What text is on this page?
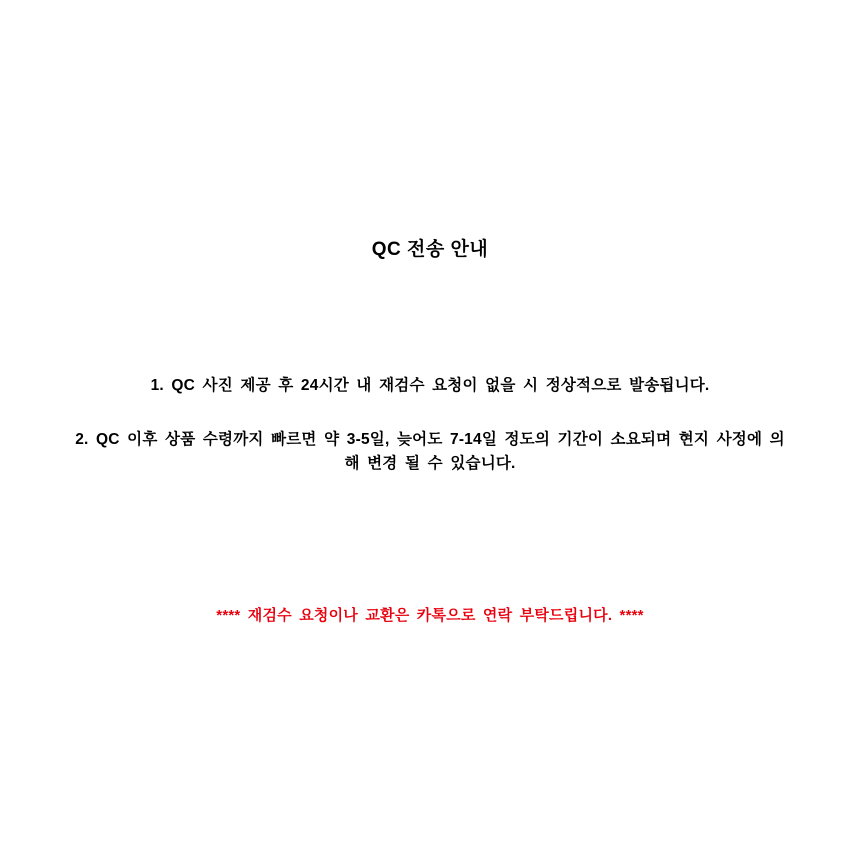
QC 전송 안내

1. QC 사진 제공 후 24시간 내 재검수 요청이 없을 시 정상적으로 발송됩니다.

2. QC 이후 상품 수령까지 빠르면 약 3-5일, 늦어도 7-14일 정도의 기간이 소요되며 현지 사정에 의해 변경 될 수 있습니다.

**** 재검수 요청이나 교환은 카톡으로 연락 부탁드립니다. ****
